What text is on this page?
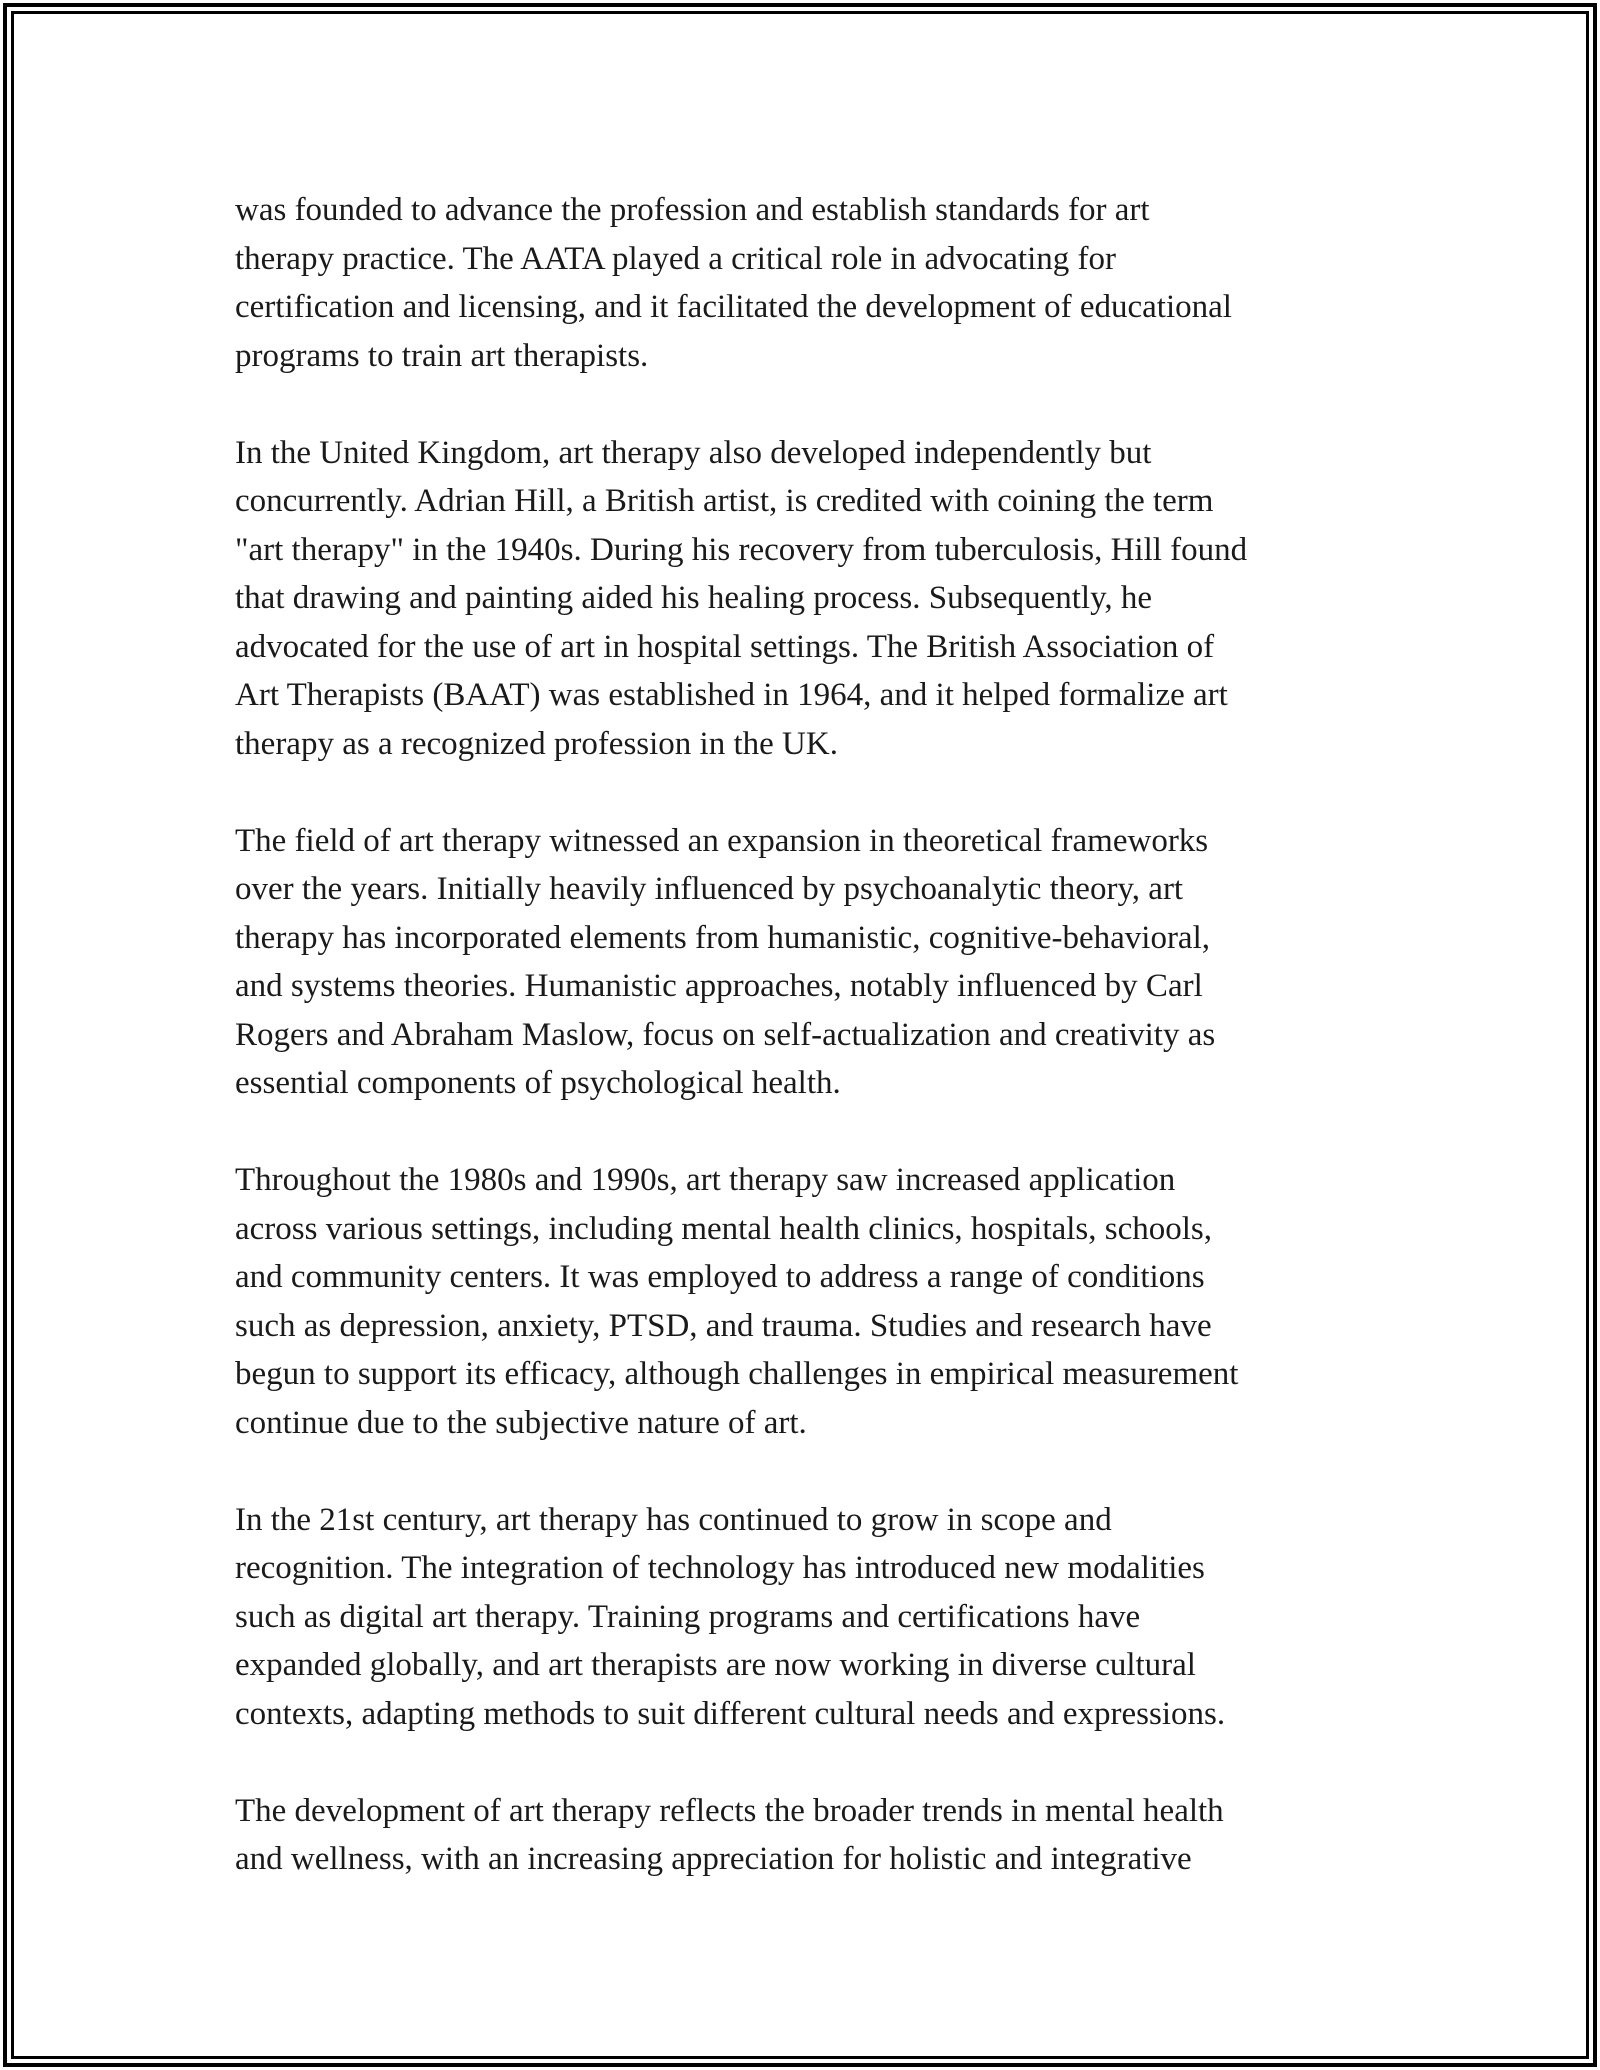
was founded to advance the profession and establish standards for art
therapy practice. The AATA played a critical role in advocating for
certification and licensing, and it facilitated the development of educational
programs to train art therapists.

In the United Kingdom, art therapy also developed independently but
concurrently. Adrian Hill, a British artist, is credited with coining the term
"art therapy" in the 1940s. During his recovery from tuberculosis, Hill found
that drawing and painting aided his healing process. Subsequently, he
advocated for the use of art in hospital settings. The British Association of
Art Therapists (BAAT) was established in 1964, and it helped formalize art
therapy as a recognized profession in the UK.

The field of art therapy witnessed an expansion in theoretical frameworks
over the years. Initially heavily influenced by psychoanalytic theory, art
therapy has incorporated elements from humanistic, cognitive-behavioral,
and systems theories. Humanistic approaches, notably influenced by Carl
Rogers and Abraham Maslow, focus on self-actualization and creativity as
essential components of psychological health.

Throughout the 1980s and 1990s, art therapy saw increased application
across various settings, including mental health clinics, hospitals, schools,
and community centers. It was employed to address a range of conditions
such as depression, anxiety, PTSD, and trauma. Studies and research have
begun to support its efficacy, although challenges in empirical measurement
continue due to the subjective nature of art.

In the 21st century, art therapy has continued to grow in scope and
recognition. The integration of technology has introduced new modalities
such as digital art therapy. Training programs and certifications have
expanded globally, and art therapists are now working in diverse cultural
contexts, adapting methods to suit different cultural needs and expressions.

The development of art therapy reflects the broader trends in mental health
and wellness, with an increasing appreciation for holistic and integrative
